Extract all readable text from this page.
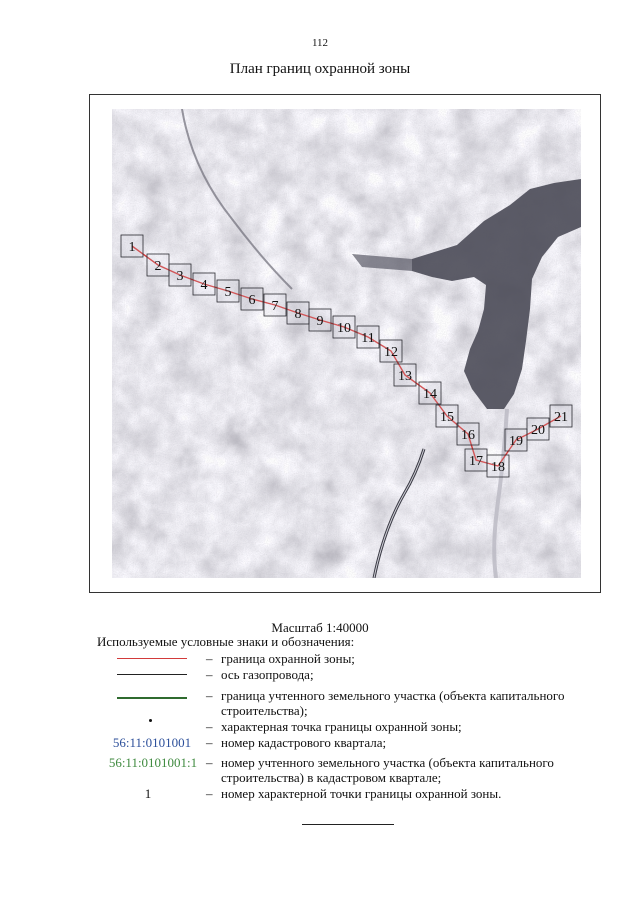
112
План границ охранной зоны
1
2
3
4 5
6 7
8 9 10
11
12
13
14
15
16
17 18
19
20
21
Масштаб 1:40000
Используемые условные знаки и обозначения:
– граница охранной зоны;
– ось газопровода;
– граница учтенного земельного участка (объекта капитального строительства);
– характерная точка границы охранной зоны;
56:11:0101001	– номер кадастрового квартала;
56:11:0101001:1 – номер учтенного земельного участка (объекта капитального строительства) в кадастровом квартале;
1	– номер характерной точки границы охранной зоны.
